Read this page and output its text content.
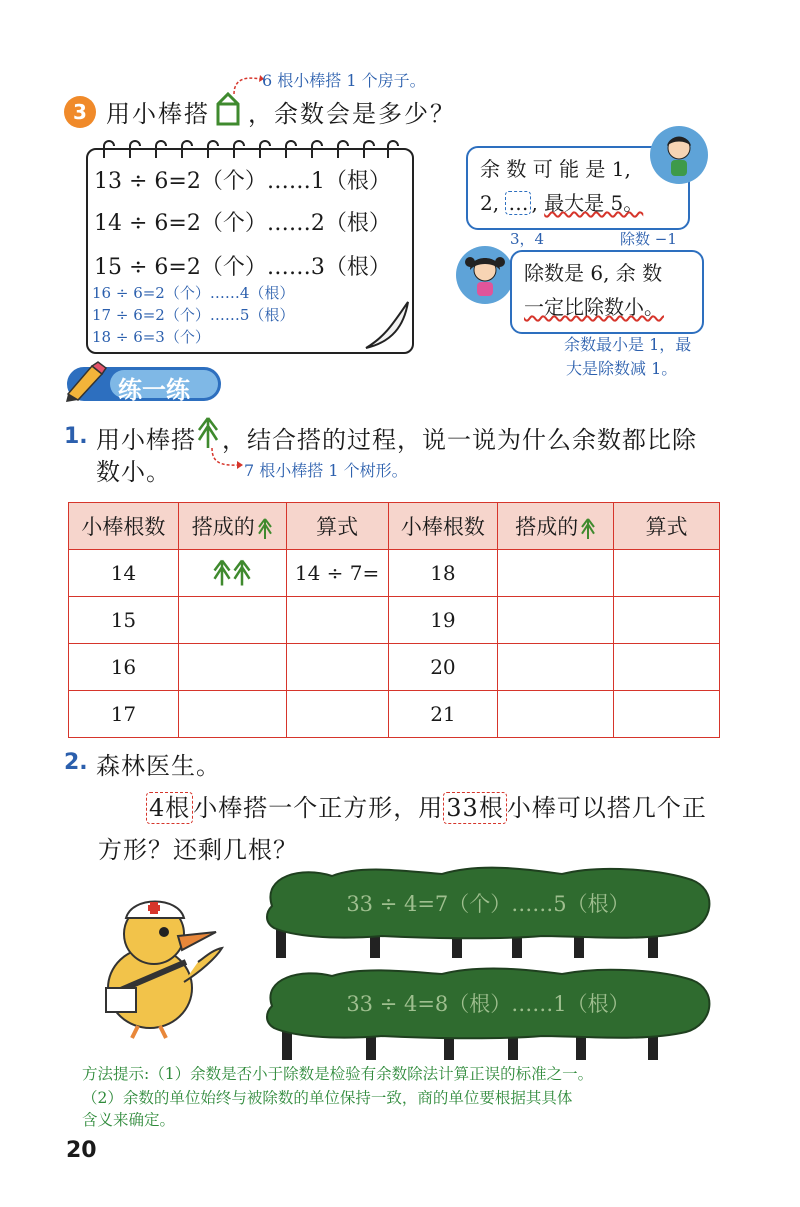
3 用小棒搭 ，余数会是多少？
6 根小棒搭 1 个房子。
13 ÷ 6=2（个）……1（根）
14 ÷ 6=2（个）……2（根）
15 ÷ 6=2（个）……3（根）
16 ÷ 6=2（个）……4（根）
17 ÷ 6=2（个）……5（根）
18 ÷ 6=3（个）
余 数 可 能 是 1,
2, … , 最大是 5。
3，4	除数 −1
除数是 6, 余 数
一定比除数小。
余数最小是 1，最
大是除数减 1。
练一练
1. 用小棒搭 ，结合搭的过程，说一说为什么余数都比除
数小。	7 根小棒搭 1 个树形。
小棒根数	搭成的	算式	小棒根数	搭成的	算式
14		14 ÷ 7=	18		
15			19		
16			20		
17			21		
2. 森林医生。
4根 小棒搭一个正方形，用 33根 小棒可以搭几个正
方形？还剩几根？
33 ÷ 4=7（个）……5（根）
33 ÷ 4=8（根）……1（根）
方法提示:（1）余数是否小于除数是检验有余数除法计算正误的标准之一。
（2）余数的单位始终与被除数的单位保持一致，商的单位要根据其具体
含义来确定。
20
